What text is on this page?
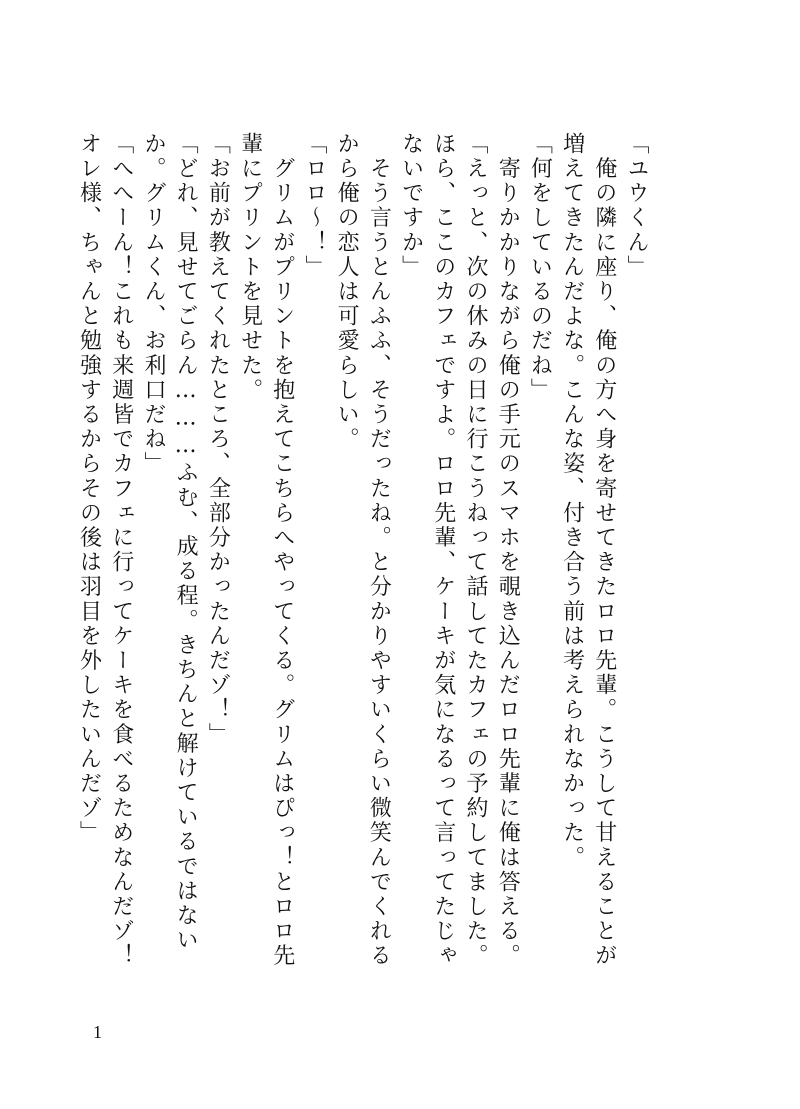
「ユウくん」

　俺の隣に座り、俺の方へ身を寄せてきたロロ先輩。こうして甘えることが増えてきたんだよな。こんな姿、付き合う前は考えられなかった。

「何をしているのだね」

　寄りかかりながら俺の手元のスマホを覗き込んだロロ先輩に俺は答える。

「えっと、次の休みの日に行こうねって話してたカフェの予約してました。ほら、ここのカフェですよ。ロロ先輩、ケーキが気になるって言ってたじゃないですか」

　そう言うとんふふ、そうだったね。と分かりやすいくらい微笑んでくれるから俺の恋人は可愛らしい。

「ロロ〜！」

　グリムがプリントを抱えてこちらへやってくる。グリムはぴっ！とロロ先輩にプリントを見せた。

「お前が教えてくれたところ、全部分かったんだゾ！」

「どれ、見せてごらん………ふむ、成る程。きちんと解けているではないか。グリムくん、お利口だね」

「へへーん！これも来週皆でカフェに行ってケーキを食べるためなんだゾ！オレ様、ちゃんと勉強するからその後は羽目を外したいんだゾ」

1
